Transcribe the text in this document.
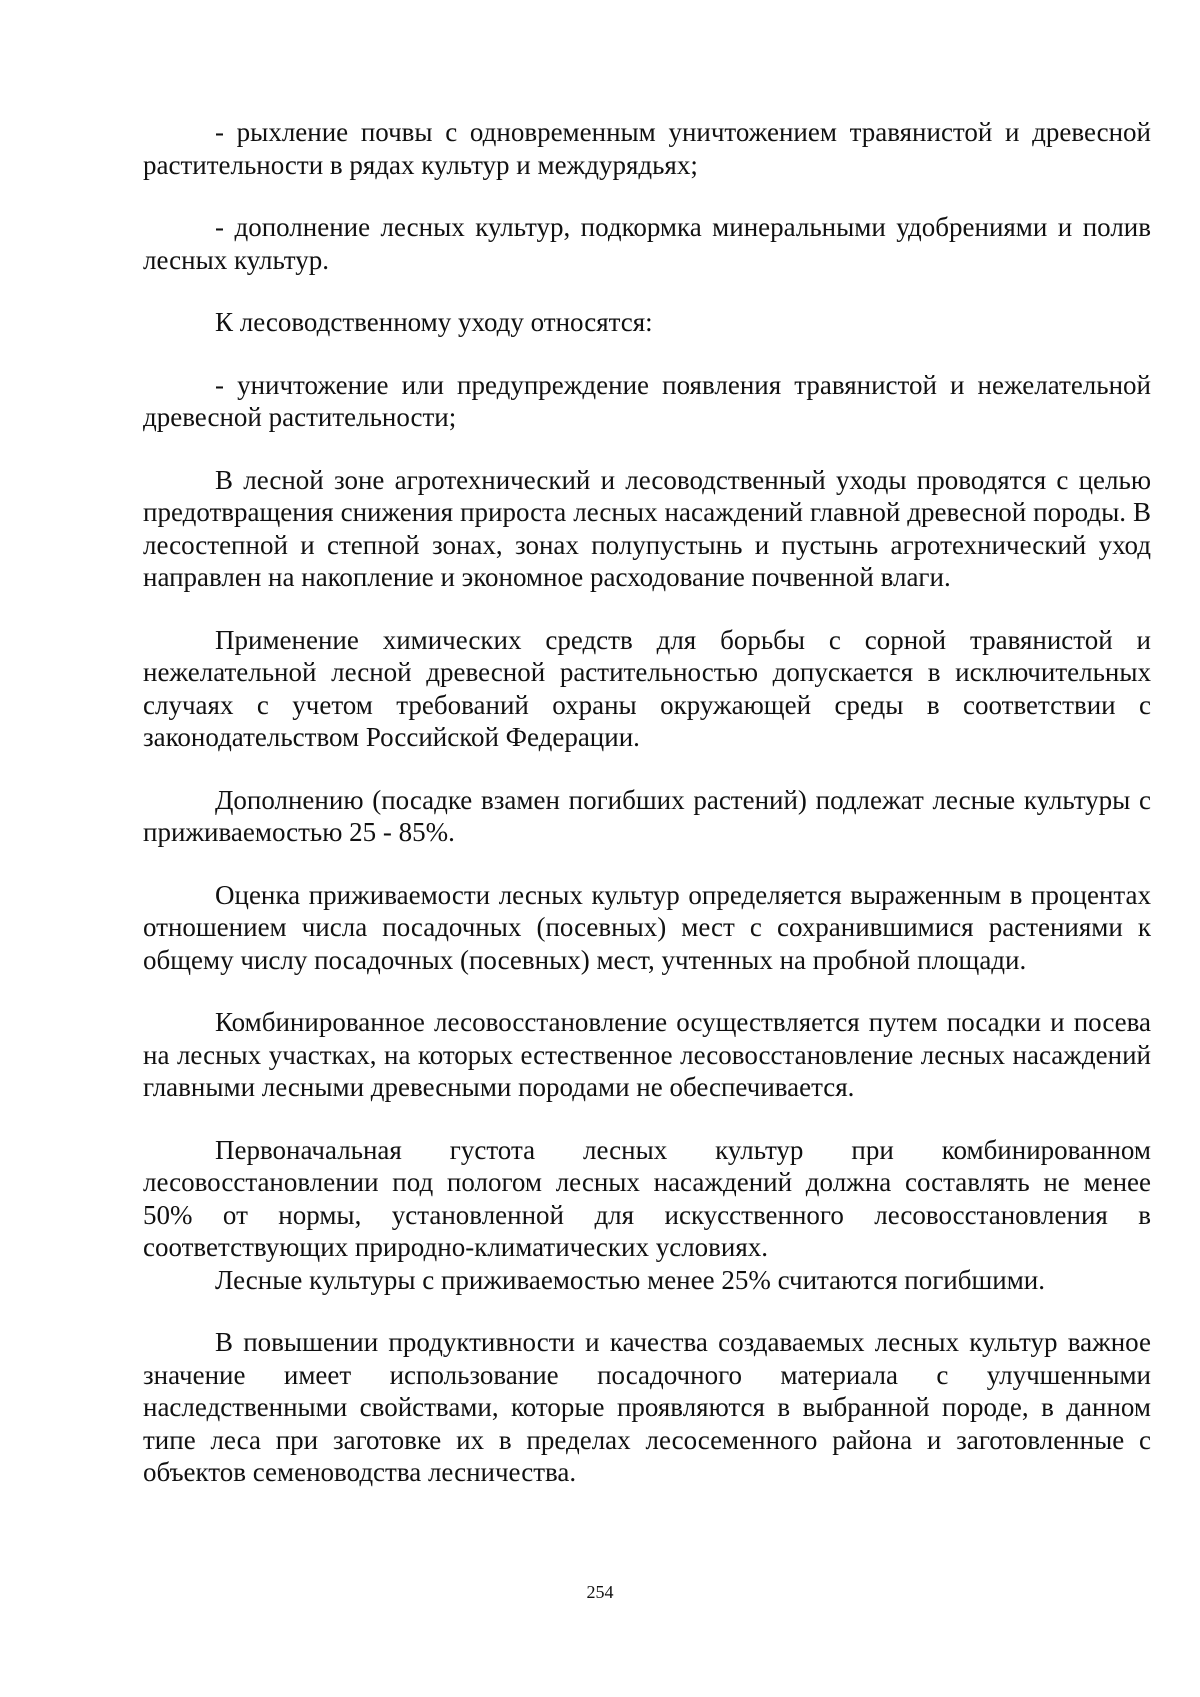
- рыхление почвы с одновременным уничтожением травянистой и древесной растительности в рядах культур и междурядьях;

- дополнение лесных культур, подкормка минеральными удобрениями и полив лесных культур.

К лесоводственному уходу относятся:

- уничтожение или предупреждение появления травянистой и нежелательной древесной растительности;

В лесной зоне агротехнический и лесоводственный уходы проводятся с целью предотвращения снижения прироста лесных насаждений главной древесной породы. В лесостепной и степной зонах, зонах полупустынь и пустынь агротехнический уход направлен на накопление и экономное расходование почвенной влаги.

Применение химических средств для борьбы с сорной травянистой и нежелательной лесной древесной растительностью допускается в исключительных случаях с учетом требований охраны окружающей среды в соответствии с законодательством Российской Федерации.

Дополнению (посадке взамен погибших растений) подлежат лесные культуры с приживаемостью 25 - 85%.

Оценка приживаемости лесных культур определяется выраженным в процентах отношением числа посадочных (посевных) мест с сохранившимися растениями к общему числу посадочных (посевных) мест, учтенных на пробной площади.

Комбинированное лесовосстановление осуществляется путем посадки и посева на лесных участках, на которых естественное лесовосстановление лесных насаждений главными лесными древесными породами не обеспечивается.

Первоначальная густота лесных культур при комбинированном лесовосстановлении под пологом лесных насаждений должна составлять не менее 50% от нормы, установленной для искусственного лесовосстановления в соответствующих природно-климатических условиях.

Лесные культуры с приживаемостью менее 25% считаются погибшими.

В повышении продуктивности и качества создаваемых лесных культур важное значение имеет использование посадочного материала с улучшенными наследственными свойствами, которые проявляются в выбранной породе, в данном типе леса при заготовке их в пределах лесосеменного района и заготовленные с объектов семеноводства лесничества.

254
